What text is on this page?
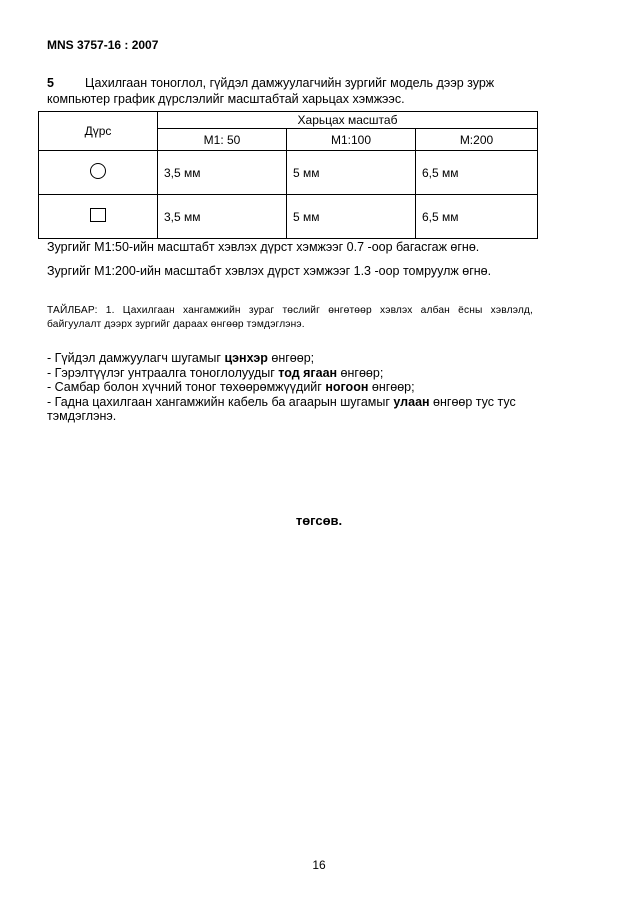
MNS 3757-16 : 2007
5 Цахилгаан тоноглол, гүйдэл дамжуулагчийн зургийг модель дээр зурж компьютер график дүрслэлийг масштабтай харьцах хэмжээс.
Дүрс	Харьцах масштаб		
	М1: 50	М1:100	М:200
	3,5 мм	5 мм	6,5 мм
	3,5 мм	5 мм	6,5 мм
Зургийг М1:50-ийн масштабт хэвлэх дүрст хэмжээг 0.7 -оор багасгаж өгнө.
Зургийг М1:200-ийн масштабт хэвлэх дүрст хэмжээг 1.3 -оор томруулж өгнө.
ТАЙЛБАР: 1. Цахилгаан хангамжийн зураг төслийг өнгөтөөр хэвлэх албан ёсны хэвлэлд, байгуулалт дээрх зургийг дараах өнгөөр тэмдэглэнэ.
- Гүйдэл дамжуулагч шугамыг цэнхэр өнгөөр;
- Гэрэлтүүлэг унтраалга тоноглолуудыг тод ягаан өнгөөр;
- Самбар болон хүчний тоног төхөөрөмжүүдийг ногоон өнгөөр;
- Гадна цахилгаан хангамжийн кабель ба агаарын шугамыг улаан өнгөөр тус тус тэмдэглэнэ.
төгсөв.
16
